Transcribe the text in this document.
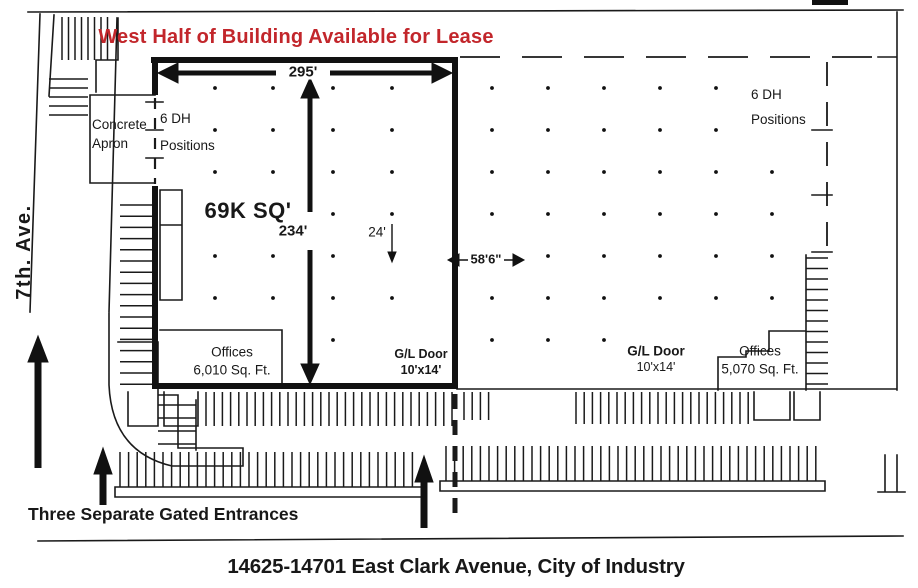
West Half of Building Available for Lease
7th. Ave.
Concrete
Apron
6 DH
Positions
69K SQ'
295'
234'	24'
58'6"
Offices
6,010 Sq. Ft.
G/L Door
10'x14'
6 DH
Positions
G/L Door
10'x14'
Offices
5,070 Sq. Ft.
Three Separate Gated Entrances
14625-14701 East Clark Avenue, City of Industry
